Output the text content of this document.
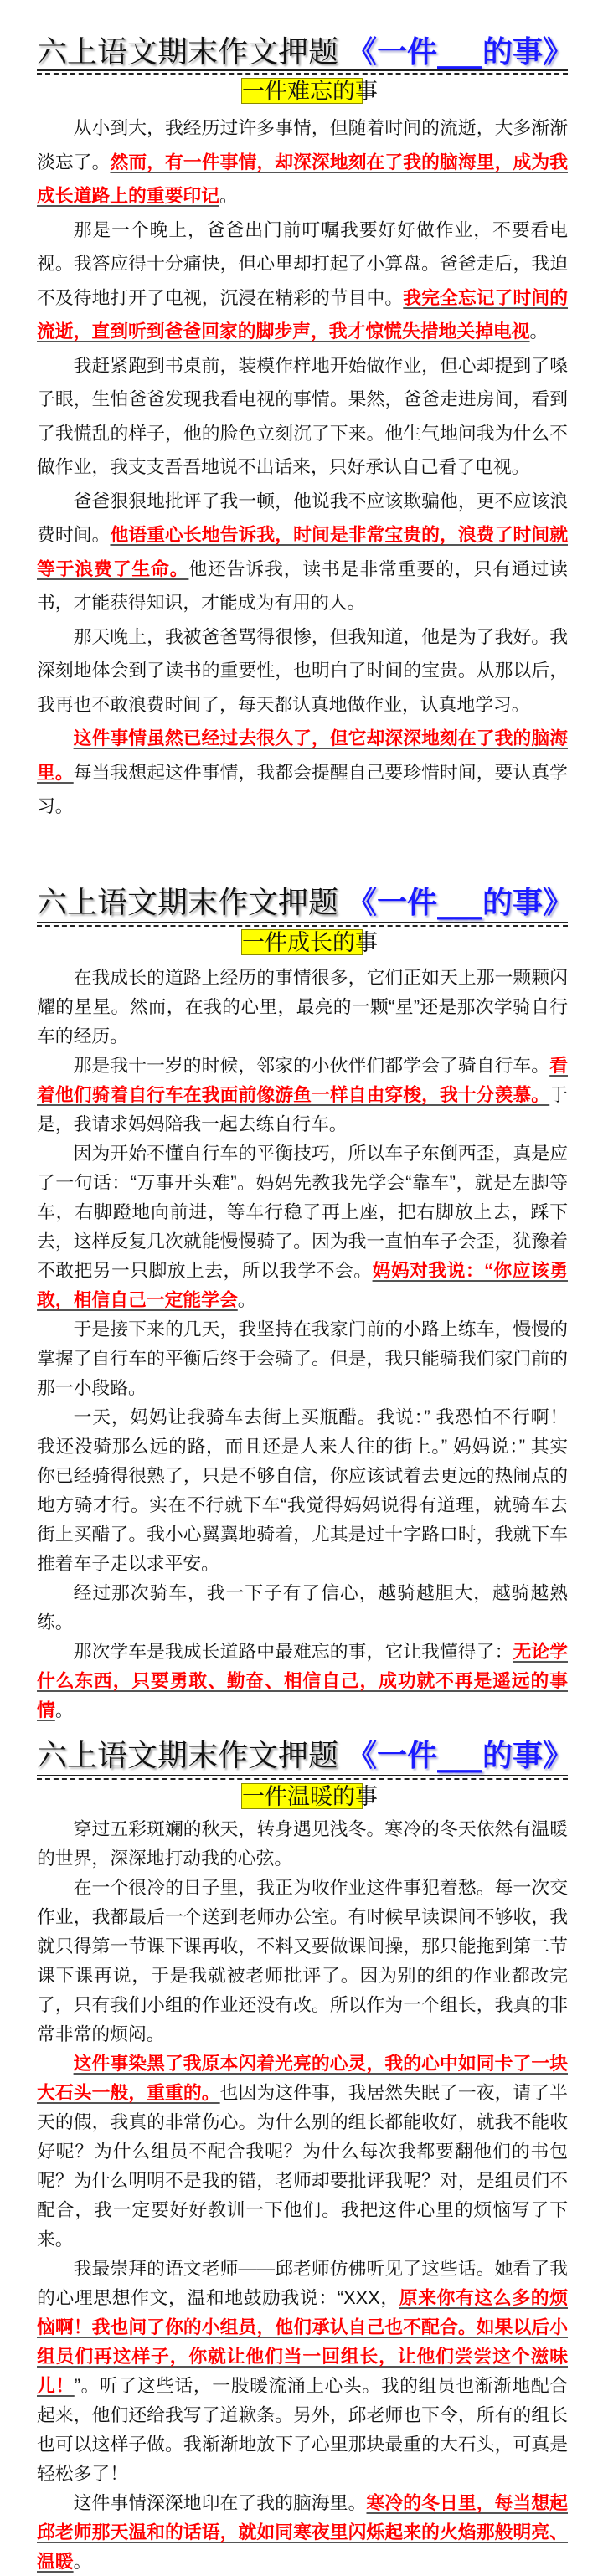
六上语文期末作文押题 《一件___的事》
一件难忘的事

从小到大，我经历过许多事情，但随着时间的流逝，大多渐渐淡忘了。然而，有一件事情，却深深地刻在了我的脑海里，成为我成长道路上的重要印记。

那是一个晚上，爸爸出门前叮嘱我要好好做作业，不要看电视。我答应得十分痛快，但心里却打起了小算盘。爸爸走后，我迫不及待地打开了电视，沉浸在精彩的节目中。我完全忘记了时间的流逝，直到听到爸爸回家的脚步声，我才惊慌失措地关掉电视。

我赶紧跑到书桌前，装模作样地开始做作业，但心却提到了嗓子眼，生怕爸爸发现我看电视的事情。果然，爸爸走进房间，看到了我慌乱的样子，他的脸色立刻沉了下来。他生气地问我为什么不做作业，我支支吾吾地说不出话来，只好承认自己看了电视。

爸爸狠狠地批评了我一顿，他说我不应该欺骗他，更不应该浪费时间。他语重心长地告诉我，时间是非常宝贵的，浪费了时间就等于浪费了生命。他还告诉我，读书是非常重要的，只有通过读书，才能获得知识，才能成为有用的人。

那天晚上，我被爸爸骂得很惨，但我知道，他是为了我好。我深刻地体会到了读书的重要性，也明白了时间的宝贵。从那以后，我再也不敢浪费时间了，每天都认真地做作业，认真地学习。

这件事情虽然已经过去很久了，但它却深深地刻在了我的脑海里。每当我想起这件事情，我都会提醒自己要珍惜时间，要认真学习。

六上语文期末作文押题 《一件___的事》
一件成长的事

在我成长的道路上经历的事情很多，它们正如天上那一颗颗闪耀的星星。然而，在我的心里，最亮的一颗“星”还是那次学骑自行车的经历。

那是我十一岁的时候，邻家的小伙伴们都学会了骑自行车。看着他们骑着自行车在我面前像游鱼一样自由穿梭，我十分羡慕。于是，我请求妈妈陪我一起去练自行车。

因为开始不懂自行车的平衡技巧，所以车子东倒西歪，真是应了一句话：“万事开头难”。妈妈先教我先学会“靠车”，就是左脚等车，右脚蹬地向前进，等车行稳了再上座，把右脚放上去，踩下去，这样反复几次就能慢慢骑了。因为我一直怕车子会歪，犹豫着不敢把另一只脚放上去，所以我学不会。妈妈对我说：“你应该勇敢，相信自己一定能学会。

于是接下来的几天，我坚持在我家门前的小路上练车，慢慢的掌握了自行车的平衡后终于会骑了。但是，我只能骑我们家门前的那一小段路。

一天，妈妈让我骑车去街上买瓶醋。我说：” 我恐怕不行啊！我还没骑那么远的路，而且还是人来人往的街上。” 妈妈说：” 其实你已经骑得很熟了，只是不够自信，你应该试着去更远的热闹点的地方骑才行。实在不行就下车“我觉得妈妈说得有道理，就骑车去街上买醋了。我小心翼翼地骑着，尤其是过十字路口时，我就下车推着车子走以求平安。

经过那次骑车，我一下子有了信心，越骑越胆大，越骑越熟练。

那次学车是我成长道路中最难忘的事，它让我懂得了：无论学什么东西，只要勇敢、勤奋、相信自己，成功就不再是遥远的事情。

六上语文期末作文押题 《一件___的事》
一件温暖的事

穿过五彩斑斓的秋天，转身遇见浅冬。寒冷的冬天依然有温暖的世界，深深地打动我的心弦。

在一个很冷的日子里，我正为收作业这件事犯着愁。每一次交作业，我都最后一个送到老师办公室。有时候早读课间不够收，我就只得第一节课下课再收，不料又要做课间操，那只能拖到第二节课下课再说，于是我就被老师批评了。因为别的组的作业都改完了，只有我们小组的作业还没有改。所以作为一个组长，我真的非常非常的烦闷。

这件事染黑了我原本闪着光亮的心灵，我的心中如同卡了一块大石头一般，重重的。也因为这件事，我居然失眠了一夜，请了半天的假，我真的非常伤心。为什么别的组长都能收好，就我不能收好呢？为什么组员不配合我呢？为什么每次我都要翻他们的书包呢？为什么明明不是我的错，老师却要批评我呢？对，是组员们不配合，我一定要好好教训一下他们。我把这件心里的烦恼写了下来。

我最崇拜的语文老师——邱老师仿佛听见了这些话。她看了我的心理思想作文，温和地鼓励我说：“XXX，原来你有这么多的烦恼啊！我也问了你的小组员，他们承认自己也不配合。如果以后小组员们再这样子，你就让他们当一回组长，让他们尝尝这个滋味儿！”。听了这些话，一股暖流涌上心头。我的组员也渐渐地配合起来，他们还给我写了道歉条。另外，邱老师也下令，所有的组长也可以这样子做。我渐渐地放下了心里那块最重的大石头，可真是轻松多了！

这件事情深深地印在了我的脑海里。寒冷的冬日里，每当想起邱老师那天温和的话语，就如同寒夜里闪烁起来的火焰那般明亮、温暖。
